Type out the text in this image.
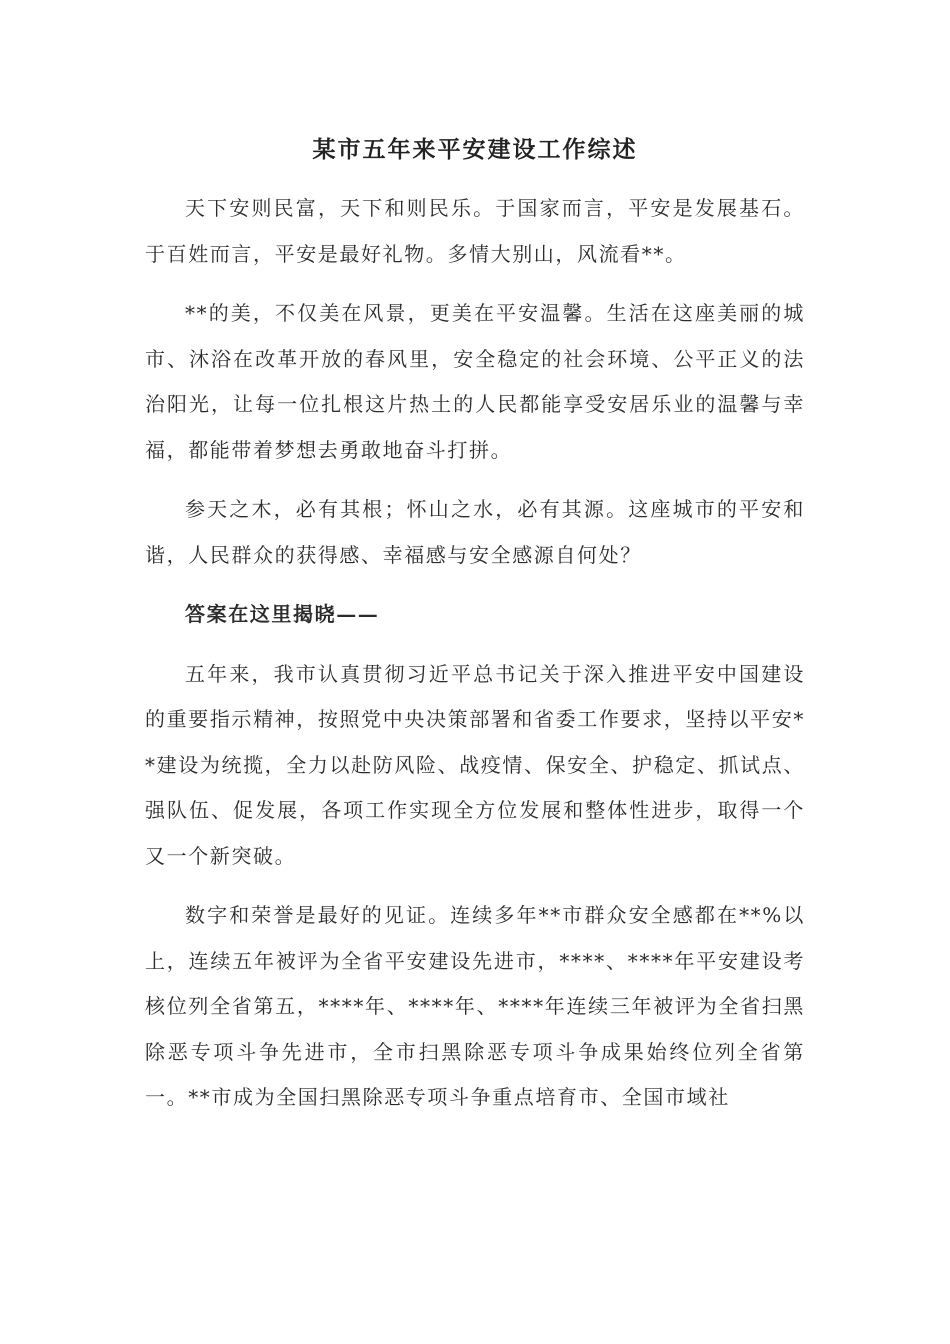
某市五年来平安建设工作综述

天下安则民富，天下和则民乐。于国家而言，平安是发展基石。于百姓而言，平安是最好礼物。多情大别山，风流看**。

**的美，不仅美在风景，更美在平安温馨。生活在这座美丽的城市、沐浴在改革开放的春风里，安全稳定的社会环境、公平正义的法治阳光，让每一位扎根这片热土的人民都能享受安居乐业的温馨与幸福，都能带着梦想去勇敢地奋斗打拼。

参天之木，必有其根；怀山之水，必有其源。这座城市的平安和谐，人民群众的获得感、幸福感与安全感源自何处？

答案在这里揭晓——

五年来，我市认真贯彻习近平总书记关于深入推进平安中国建设的重要指示精神，按照党中央决策部署和省委工作要求，坚持以平安**建设为统揽，全力以赴防风险、战疫情、保安全、护稳定、抓试点、强队伍、促发展，各项工作实现全方位发展和整体性进步，取得一个又一个新突破。

数字和荣誉是最好的见证。连续多年**市群众安全感都在**%以上，连续五年被评为全省平安建设先进市，****、****年平安建设考核位列全省第五，****年、****年、****年连续三年被评为全省扫黑除恶专项斗争先进市，全市扫黑除恶专项斗争成果始终位列全省第一。**市成为全国扫黑除恶专项斗争重点培育市、全国市域社
